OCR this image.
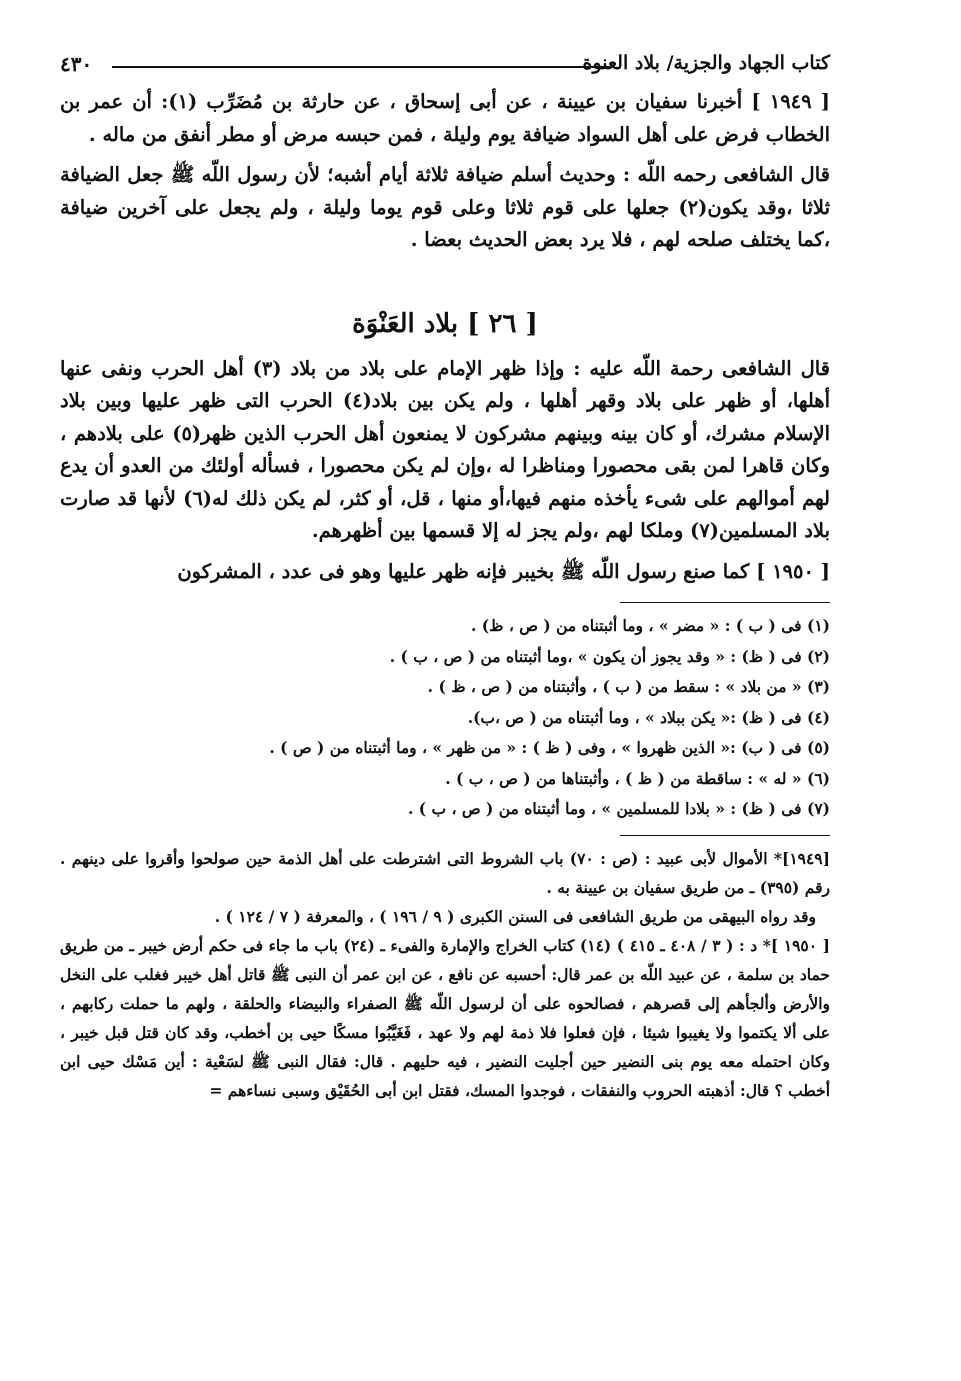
كتاب الجهاد والجزية/ بلاد العنوة
٤٣٠

[ ١٩٤٩ ] أخبرنا سفيان بن عيينة ، عن أبى إسحاق ، عن حارثة بن مُضَرِّب (١): أن عمر بن الخطاب فرض على أهل السواد ضيافة يوم وليلة ، فمن حبسه مرض أو مطر أنفق من ماله .

قال الشافعى رحمه اللّه : وحديث أسلم ضيافة ثلاثة أيام أشبه؛ لأن رسول اللّه ﷺ جعل الضيافة ثلاثا ،وقد يكون(٢) جعلها على قوم ثلاثا وعلى قوم يوما وليلة ، ولم يجعل على آخرين ضيافة ،كما يختلف صلحه لهم ، فلا يرد بعض الحديث بعضا .

[ ٢٦ ] بلاد العَنْوَة

قال الشافعى رحمة اللّه عليه : وإذا ظهر الإمام على بلاد من بلاد (٣) أهل الحرب ونفى عنها أهلها، أو ظهر على بلاد وقهر أهلها ، ولم يكن بين بلاد(٤) الحرب التى ظهر عليها وبين بلاد الإسلام مشرك، أو كان بينه وبينهم مشركون لا يمنعون أهل الحرب الذين ظهر(٥) على بلادهم ، وكان قاهرا لمن بقى محصورا ومناظرا له ،وإن لم يكن محصورا ، فسأله أولئك من العدو أن يدع لهم أموالهم على شىء يأخذه منهم فيها،أو منها ، قل، أو كثر، لم يكن ذلك له(٦) لأنها قد صارت بلاد المسلمين(٧) وملكا لهم ،ولم يجز له إلا قسمها بين أظهرهم.

[ ١٩٥٠ ] كما صنع رسول اللّه ﷺ بخيبر فإنه ظهر عليها وهو فى عدد ، المشركون

(١) فى ( ب ) : « مضر » ، وما أثبتناه من ( ص ، ظ) .
(٢) فى ( ظ) : « وقد يجوز أن يكون » ،وما أثبتناه من ( ص ، ب ) .
(٣) « من بلاد » : سقط من ( ب ) ، وأثبتناه من ( ص ، ظ ) .
(٤) فى ( ظ) :« يكن ببلاد » ، وما أثبتناه من ( ص ،ب).
(٥) فى ( ب) :« الذين ظهروا » ، وفى ( ظ ) : « من ظهر » ، وما أثبتناه من ( ص ) .
(٦) « له » : ساقطة من ( ظ ) ، وأثبتناها من ( ص ، ب ) .
(٧) فى ( ظ) : « بلادا للمسلمين » ، وما أثبتناه من ( ص ، ب ) .

[١٩٤٩]* الأموال لأبى عبيد : (ص : ٧٠) باب الشروط التى اشترطت على أهل الذمة حين صولحوا وأقروا على دينهم . رقم (٣٩٥) ـ من طريق سفيان بن عيينة به .

وقد رواه البيهقى من طريق الشافعى فى السنن الكبرى ( ٩ / ١٩٦ ) ، والمعرفة ( ٧ / ١٢٤ ) .

[ ١٩٥٠ ]* د : ( ٣ / ٤٠٨ ـ ٤١٥ ) (١٤) كتاب الخراج والإمارة والفىء ـ (٢٤) باب ما جاء فى حكم أرض خيبر ـ من طريق حماد بن سلمة ، عن عبيد اللّه بن عمر قال: أحسبه عن نافع ، عن ابن عمر أن النبى ﷺ قاتل أهل خيبر فغلب على النخل والأرض وألجأهم إلى قصرهم ، فصالحوه على أن لرسول اللّه ﷺ الصفراء والبيضاء والحلقة ، ولهم ما حملت ركابهم ، على ألا يكتموا ولا يغيبوا شيئا ، فإن فعلوا فلا ذمة لهم ولا عهد ، فَغَيَّبُوا مسكًا حيى بن أخطب، وقد كان قتل قبل خيبر ، وكان احتمله معه يوم بنى النضير حين أجليت النضير ، فيه حليهم . قال: فقال النبى ﷺ لسَعْية : أين مَسْك حيى ابن أخطب ؟ قال: أذهبته الحروب والنفقات ، فوجدوا المسك، فقتل ابن أبى الحُقَيْق وسبى نساءهم =
